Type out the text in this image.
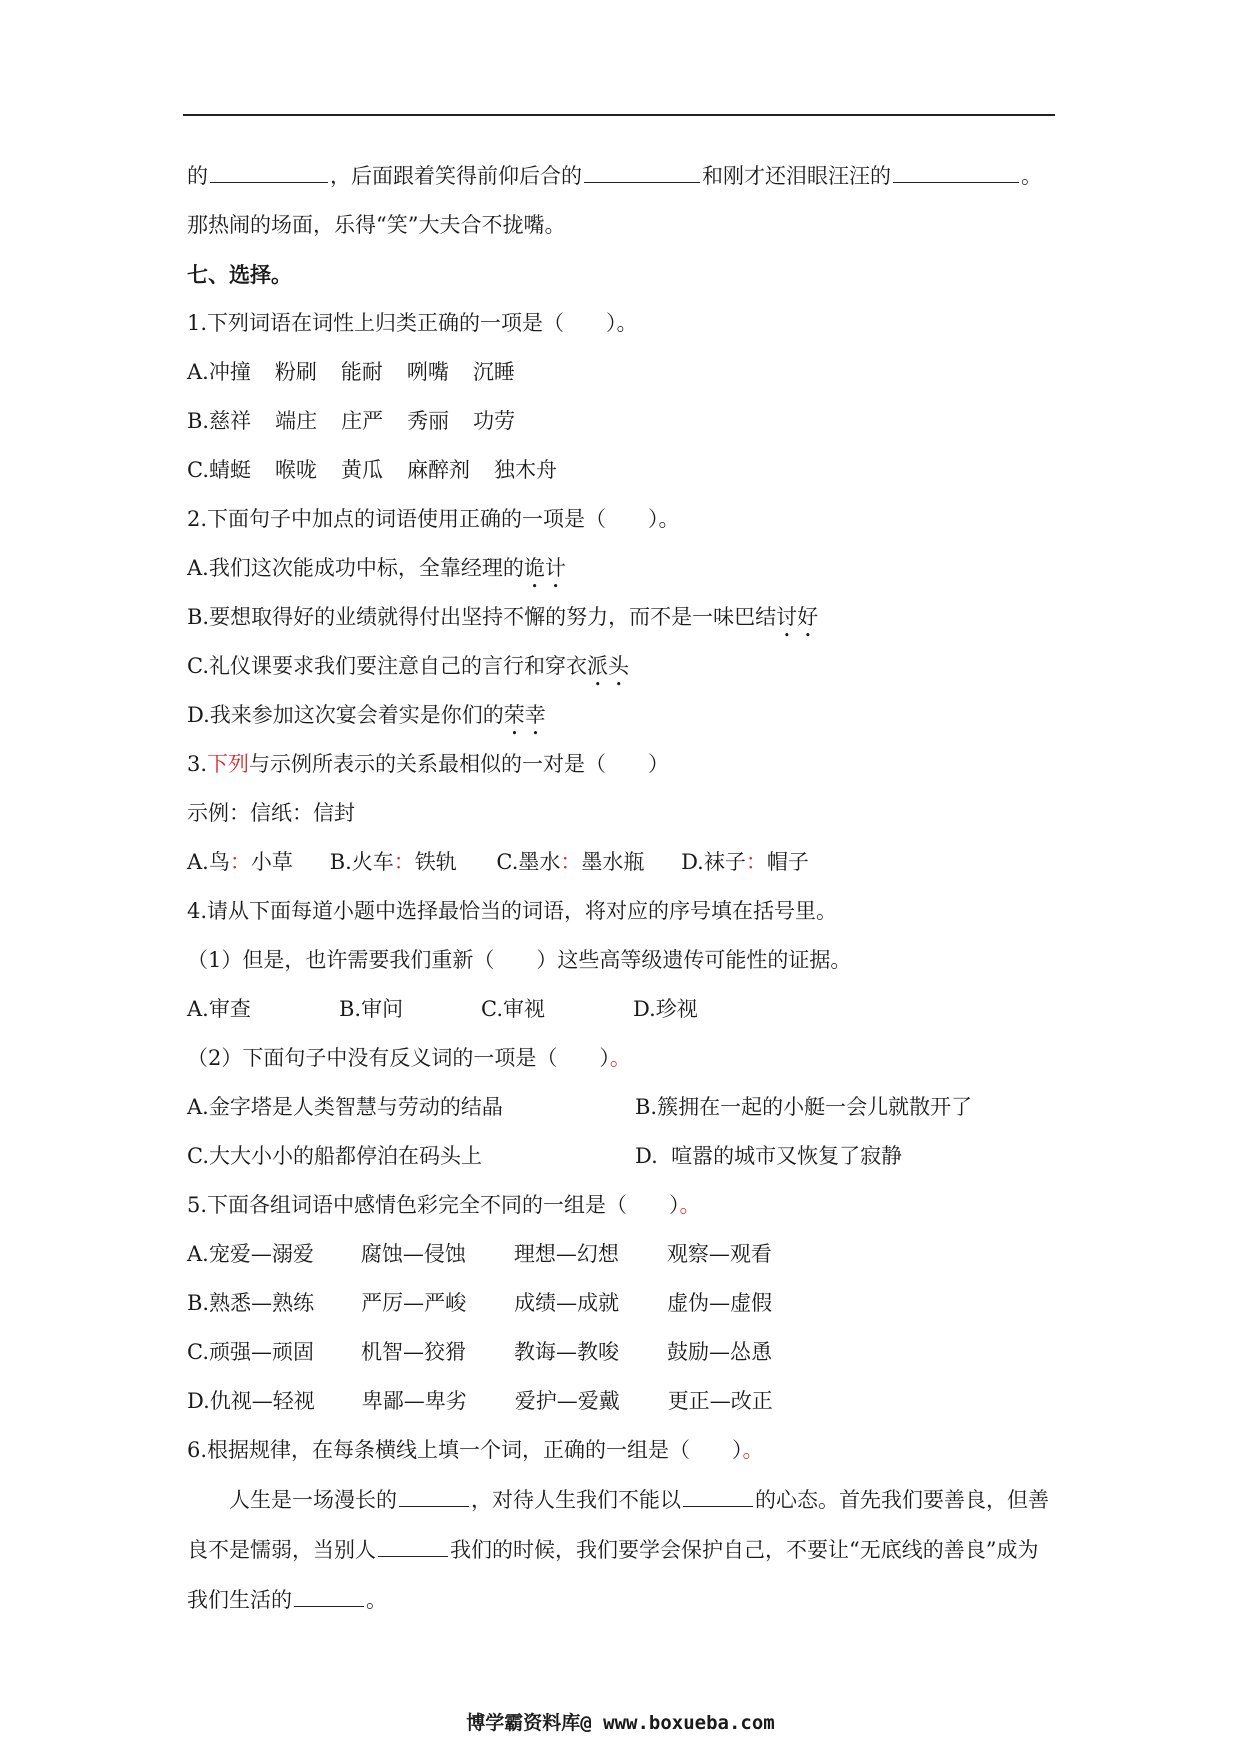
的	，后面跟着笑得前仰后合的	和刚才还泪眼汪汪的	。
那热闹的场面，乐得“笑”大夫合不拢嘴。
七、选择。
1.下列词语在词性上归类正确的一项是（　　）。
A.冲撞 粉刷 能耐 咧嘴 沉睡
B.慈祥 端庄 庄严 秀丽 功劳
C.蜻蜓 喉咙 黄瓜 麻醉剂 独木舟
2.下面句子中加点的词语使用正确的一项是（　　）。
A.我们这次能成功中标，全靠经理的诡计
B.要想取得好的业绩就得付出坚持不懈的努力，而不是一味巴结讨好
C.礼仪课要求我们要注意自己的言行和穿衣派头
D.我来参加这次宴会着实是你们的荣幸
3.下列与示例所表示的关系最相似的一对是（　　）
示例：信纸：信封
A.鸟：小草 B.火车：铁轨 C.墨水：墨水瓶 D.袜子：帽子
4.请从下面每道小题中选择最恰当的词语，将对应的序号填在括号里。
（1）但是，也许需要我们重新（　　）这些高等级遗传可能性的证据。
A.审查	B.审问	C.审视	D.珍视
（2）下面句子中没有反义词的一项是（　　）。
A.金字塔是人类智慧与劳动的结晶	B.簇拥在一起的小艇一会儿就散开了
C.大大小小的船都停泊在码头上	D.  喧嚣的城市又恢复了寂静
5.下面各组词语中感情色彩完全不同的一组是（　　）。
A.宠爱—溺爱 腐蚀—侵蚀 理想—幻想 观察—观看
B.熟悉—熟练 严厉—严峻 成绩—成就 虚伪—虚假
C.顽强—顽固 机智—狡猾 教诲—教唆 鼓励—怂恿
D.仇视—轻视 卑鄙—卑劣 爱护—爱戴 更正—改正
6.根据规律，在每条横线上填一个词，正确的一组是（　　）。
人生是一场漫长的	，对待人生我们不能以	的心态。首先我们要善良，但善良不是懦弱，当别人	我们的时候，我们要学会保护自己，不要让“无底线的善良”成为我们生活的	。
博学霸资料库@ www.boxueba.com
